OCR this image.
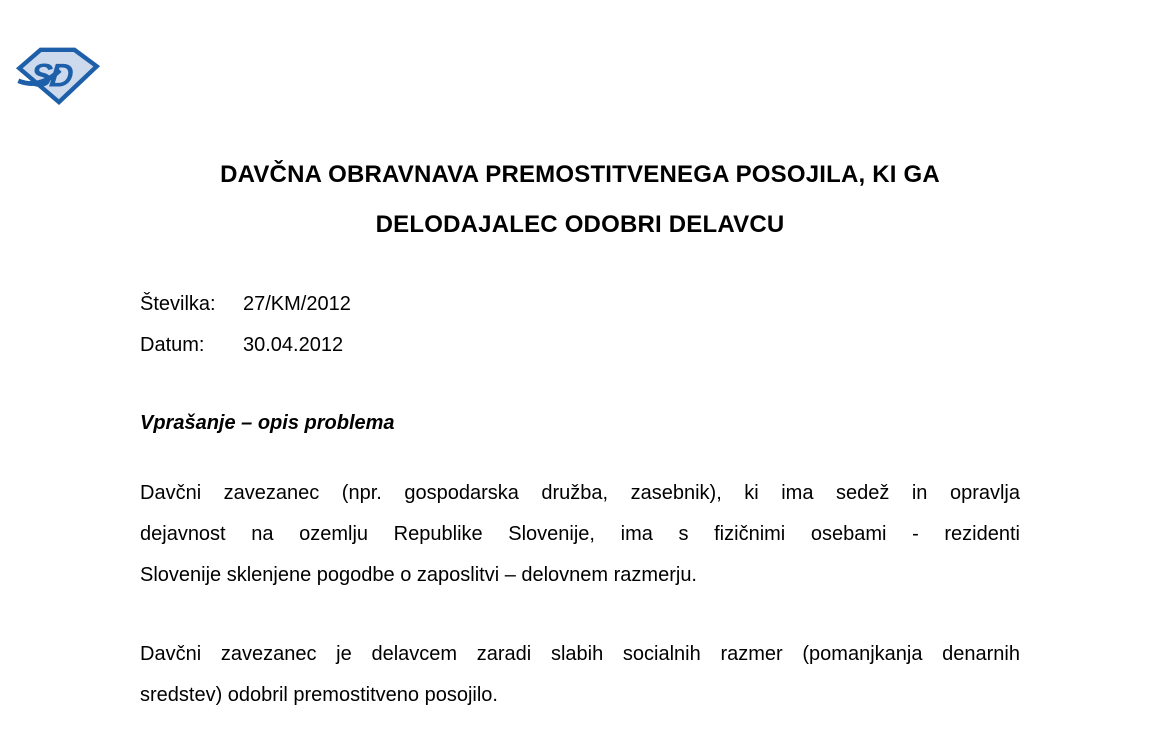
SD
DAVČNA OBRAVNAVA PREMOSTITVENEGA POSOJILA, KI GA
DELODAJALEC ODOBRI DELAVCU
Številka: 27/KM/2012
Datum: 30.04.2012
Vprašanje – opis problema
Davčni zavezanec (npr. gospodarska družba, zasebnik), ki ima sedež in opravlja
dejavnost na ozemlju Republike Slovenije, ima s fizičnimi osebami - rezidenti
Slovenije sklenjene pogodbe o zaposlitvi – delovnem razmerju.
Davčni zavezanec je delavcem zaradi slabih socialnih razmer (pomanjkanja denarnih
sredstev) odobril premostitveno posojilo.
